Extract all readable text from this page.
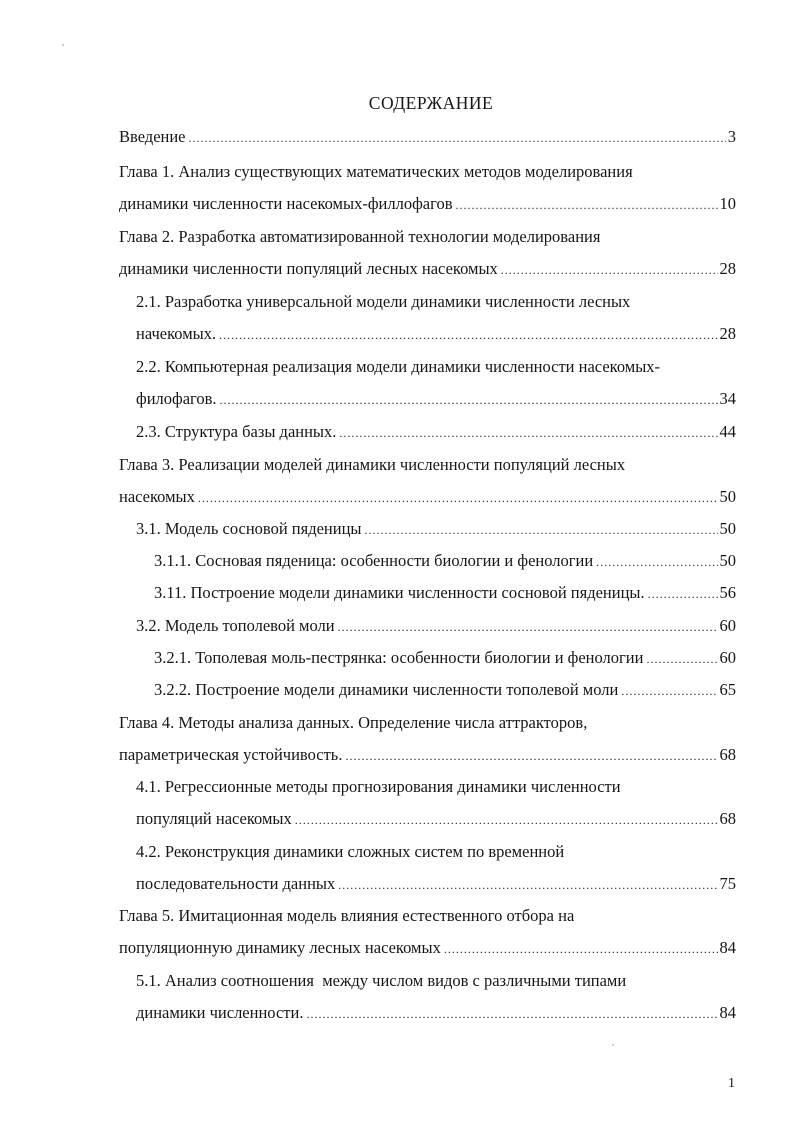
СОДЕРЖАНИЕ
Введение .....	3
Глава 1. Анализ существующих математических методов моделирования
динамики численности насекомых-филлофагов .....	10
Глава 2. Разработка автоматизированной технологии моделирования
динамики численности популяций лесных насекомых .....	28
2.1. Разработка универсальной модели динамики численности лесных
начекомых. .....	28
2.2. Компьютерная реализация модели динамики численности насекомых-
филофагов. .....	34
2.3. Структура базы данных. .....	44
Глава 3. Реализации моделей динамики численности популяций лесных
насекомых .....	50
3.1. Модель сосновой пяденицы .....	50
3.1.1. Сосновая пяденица: особенности биологии и фенологии .....	50
3.11. Построение модели динамики численности сосновой пяденицы. .....	56
3.2. Модель тополевой моли .....	60
3.2.1. Тополевая моль-пестрянка: особенности биологии и фенологии .....	60
3.2.2. Построение модели динамики численности тополевой моли .....	65
Глава 4. Методы анализа данных. Определение числа аттракторов,
параметрическая устойчивость. .....	68
4.1. Регрессионные методы прогнозирования динамики численности
популяций насекомых .....	68
4.2. Реконструкция динамики сложных систем по временной
последовательности данных .....	75
Глава 5. Имитационная модель влияния естественного отбора на
популяционную динамику лесных насекомых .....	84
5.1. Анализ соотношения  между числом видов с различными типами
динамики численности. .....	84
1
